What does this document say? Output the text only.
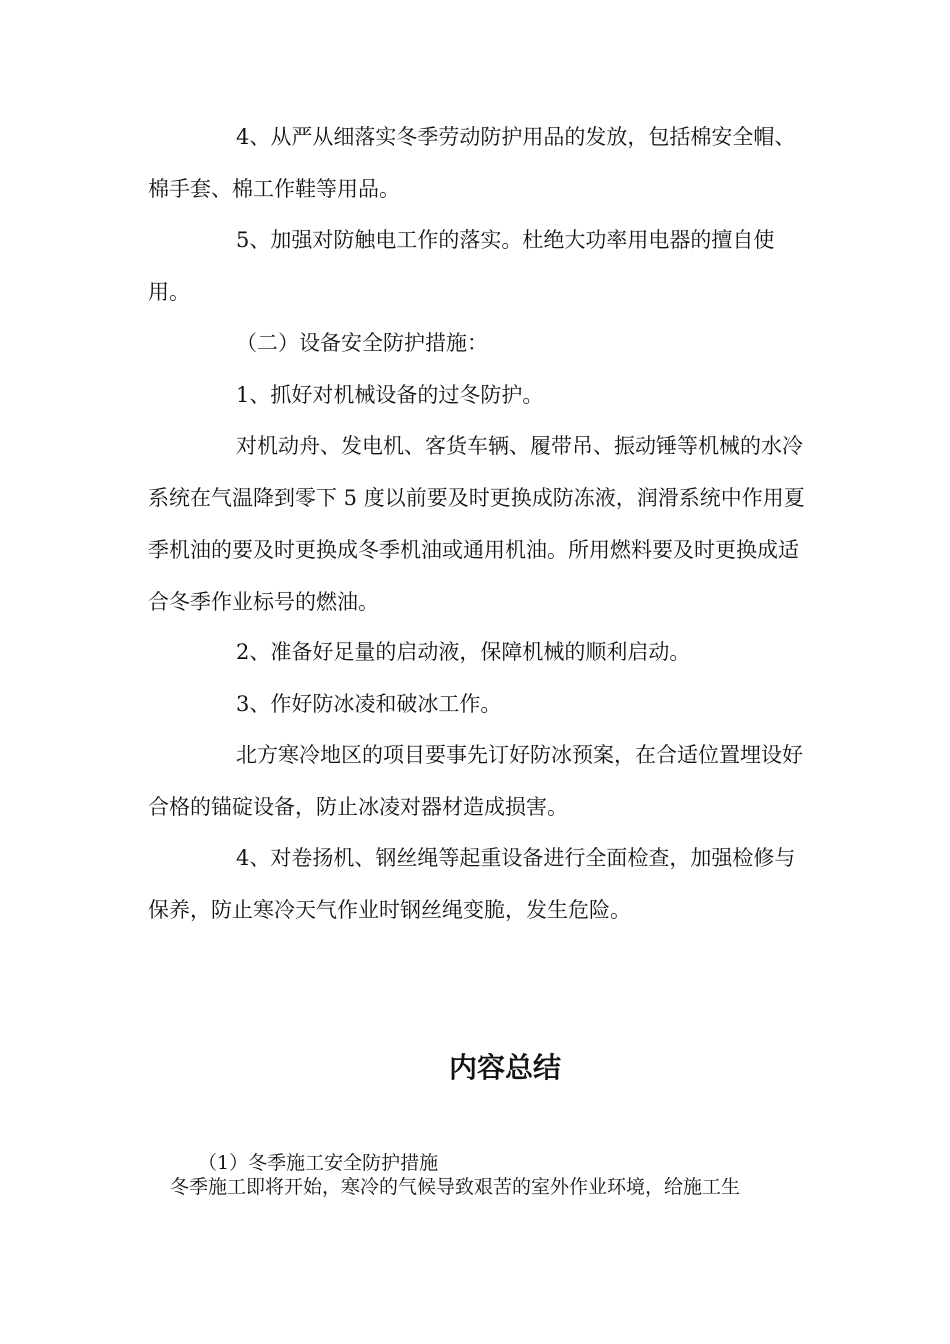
4、从严从细落实冬季劳动防护用品的发放，包括棉安全帽、棉手套、棉工作鞋等用品。

5、加强对防触电工作的落实。杜绝大功率用电器的擅自使用。

（二）设备安全防护措施：

1、抓好对机械设备的过冬防护。

对机动舟、发电机、客货车辆、履带吊、振动锤等机械的水冷系统在气温降到零下 5 度以前要及时更换成防冻液，润滑系统中作用夏季机油的要及时更换成冬季机油或通用机油。所用燃料要及时更换成适合冬季作业标号的燃油。

2、准备好足量的启动液，保障机械的顺利启动。

3、作好防冰凌和破冰工作。

北方寒冷地区的项目要事先订好防冰预案，在合适位置埋设好合格的锚碇设备，防止冰凌对器材造成损害。

4、对卷扬机、钢丝绳等起重设备进行全面检查，加强检修与保养，防止寒冷天气作业时钢丝绳变脆，发生危险。

内容总结

（1）冬季施工安全防护措施

冬季施工即将开始，寒冷的气候导致艰苦的室外作业环境，给施工生
